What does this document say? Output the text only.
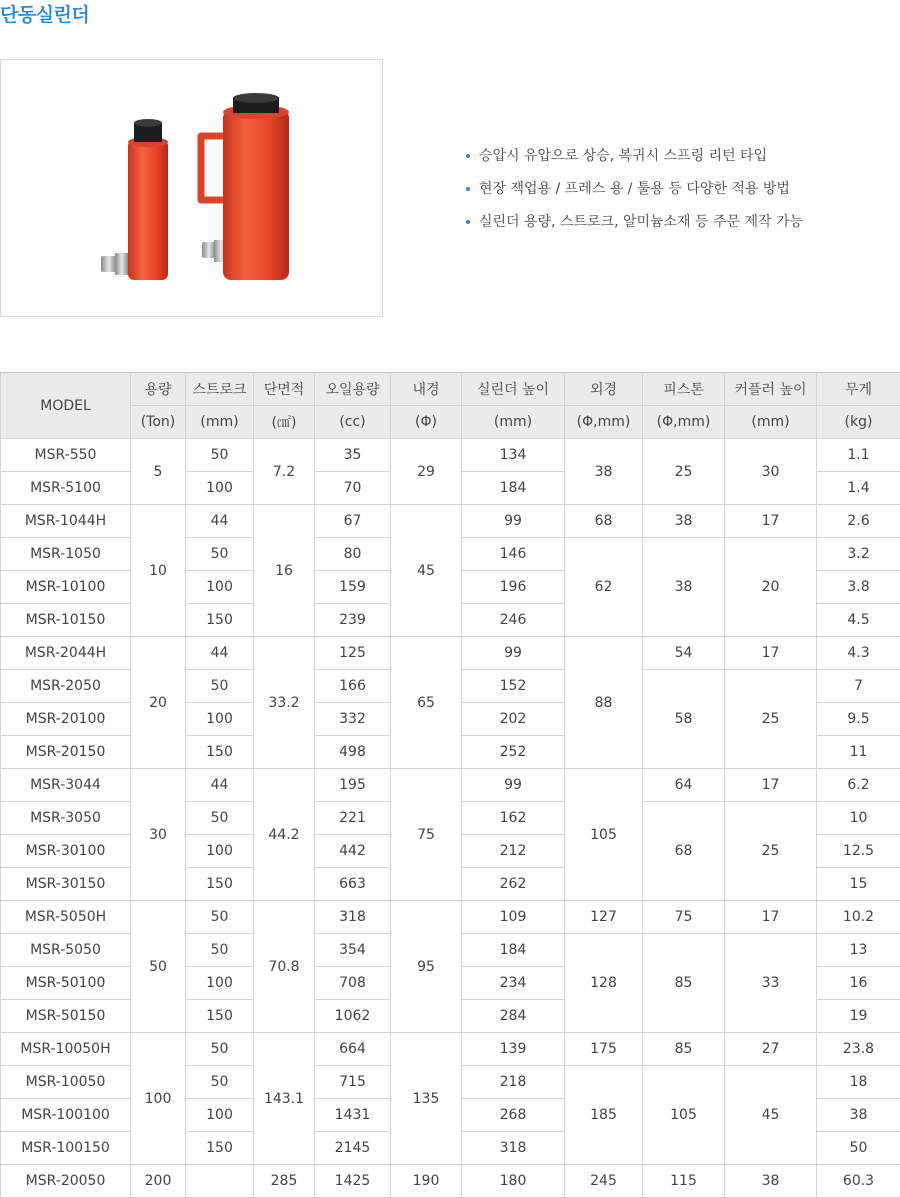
단동실린더
승압시 유압으로 상승, 복귀시 스프링 리턴 타입
현장 잭업용 / 프레스 용 / 툴용 등 다양한 적용 방법
실린더 용량, 스트로크, 알미늄소재 등 주문 제작 가능
MODEL	용량	스트로크	단면적	오일용량	내경	실린더 높이	외경	피스톤	커플러 높이	무게
	(Ton)	(mm)	(㎠)	(cc)	(Φ)	(mm)	(Φ,mm)	(Φ,mm)	(mm)	(kg)
MSR-550	5	50	7.2	35	29	134	38	25	30	1.1
MSR-5100		100		70		184				1.4
MSR-1044H	10	44	16	67	45	99	68	38	17	2.6
MSR-1050		50		80		146	62	38	20	3.2
MSR-10100		100		159		196				3.8
MSR-10150		150		239		246				4.5
MSR-2044H	20	44	33.2	125	65	99	88	54	17	4.3
MSR-2050		50		166		152		58	25	7
MSR-20100		100		332		202				9.5
MSR-20150		150		498		252				11
MSR-3044	30	44	44.2	195	75	99	105	64	17	6.2
MSR-3050		50		221		162		68	25	10
MSR-30100		100		442		212				12.5
MSR-30150		150		663		262				15
MSR-5050H	50	50	70.8	318	95	109	127	75	17	10.2
MSR-5050		50		354		184	128	85	33	13
MSR-50100		100		708		234				16
MSR-50150		150		1062		284				19
MSR-10050H	100	50	143.1	664	135	139	175	85	27	23.8
MSR-10050		50		715		218	185	105	45	18
MSR-100100		100		1431		268				38
MSR-100150		150		2145		318				50
MSR-20050	200		285	1425	190	180	245	115	38	60.3
